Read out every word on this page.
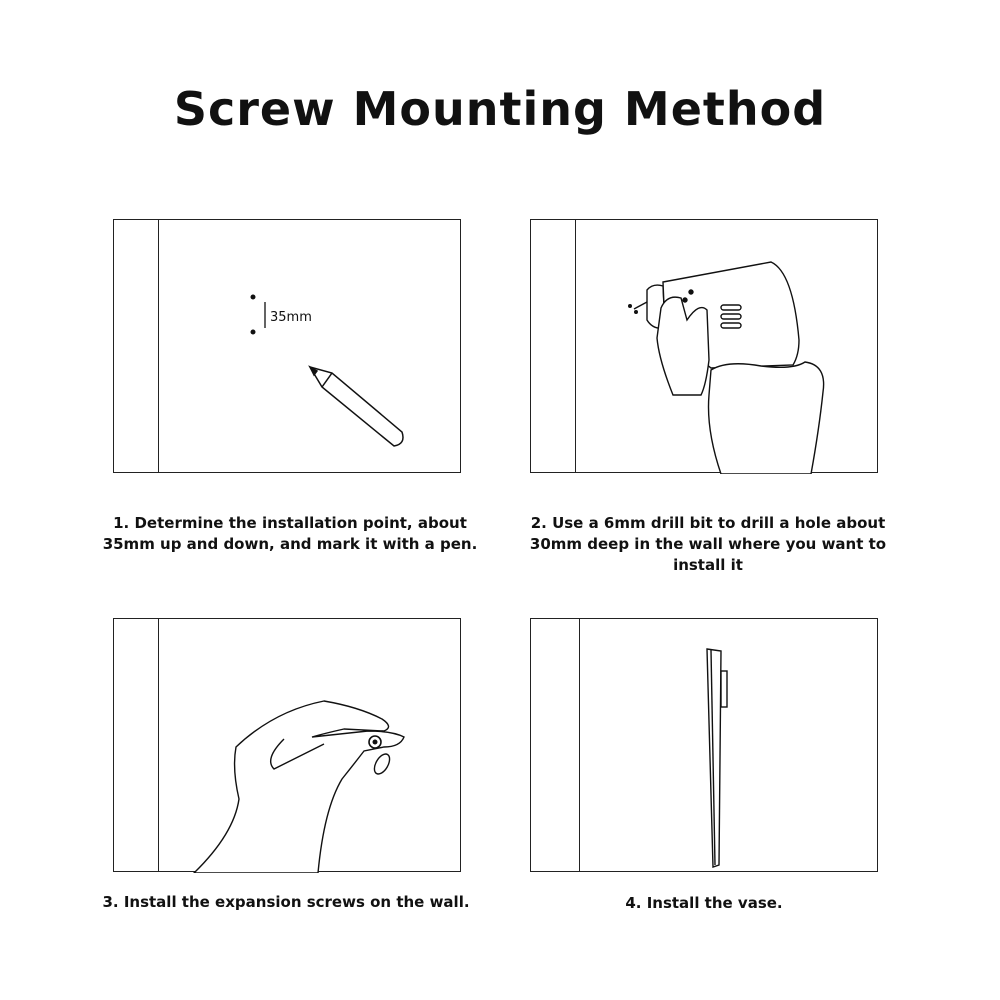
Screw Mounting Method
35mm
1. Determine the installation point, about 35mm up and down, and mark it with a pen.
2. Use a 6mm drill bit to drill a hole about 30mm deep in the wall where you want to install it
3. Install the expansion screws on the wall.	4. Install the vase.
